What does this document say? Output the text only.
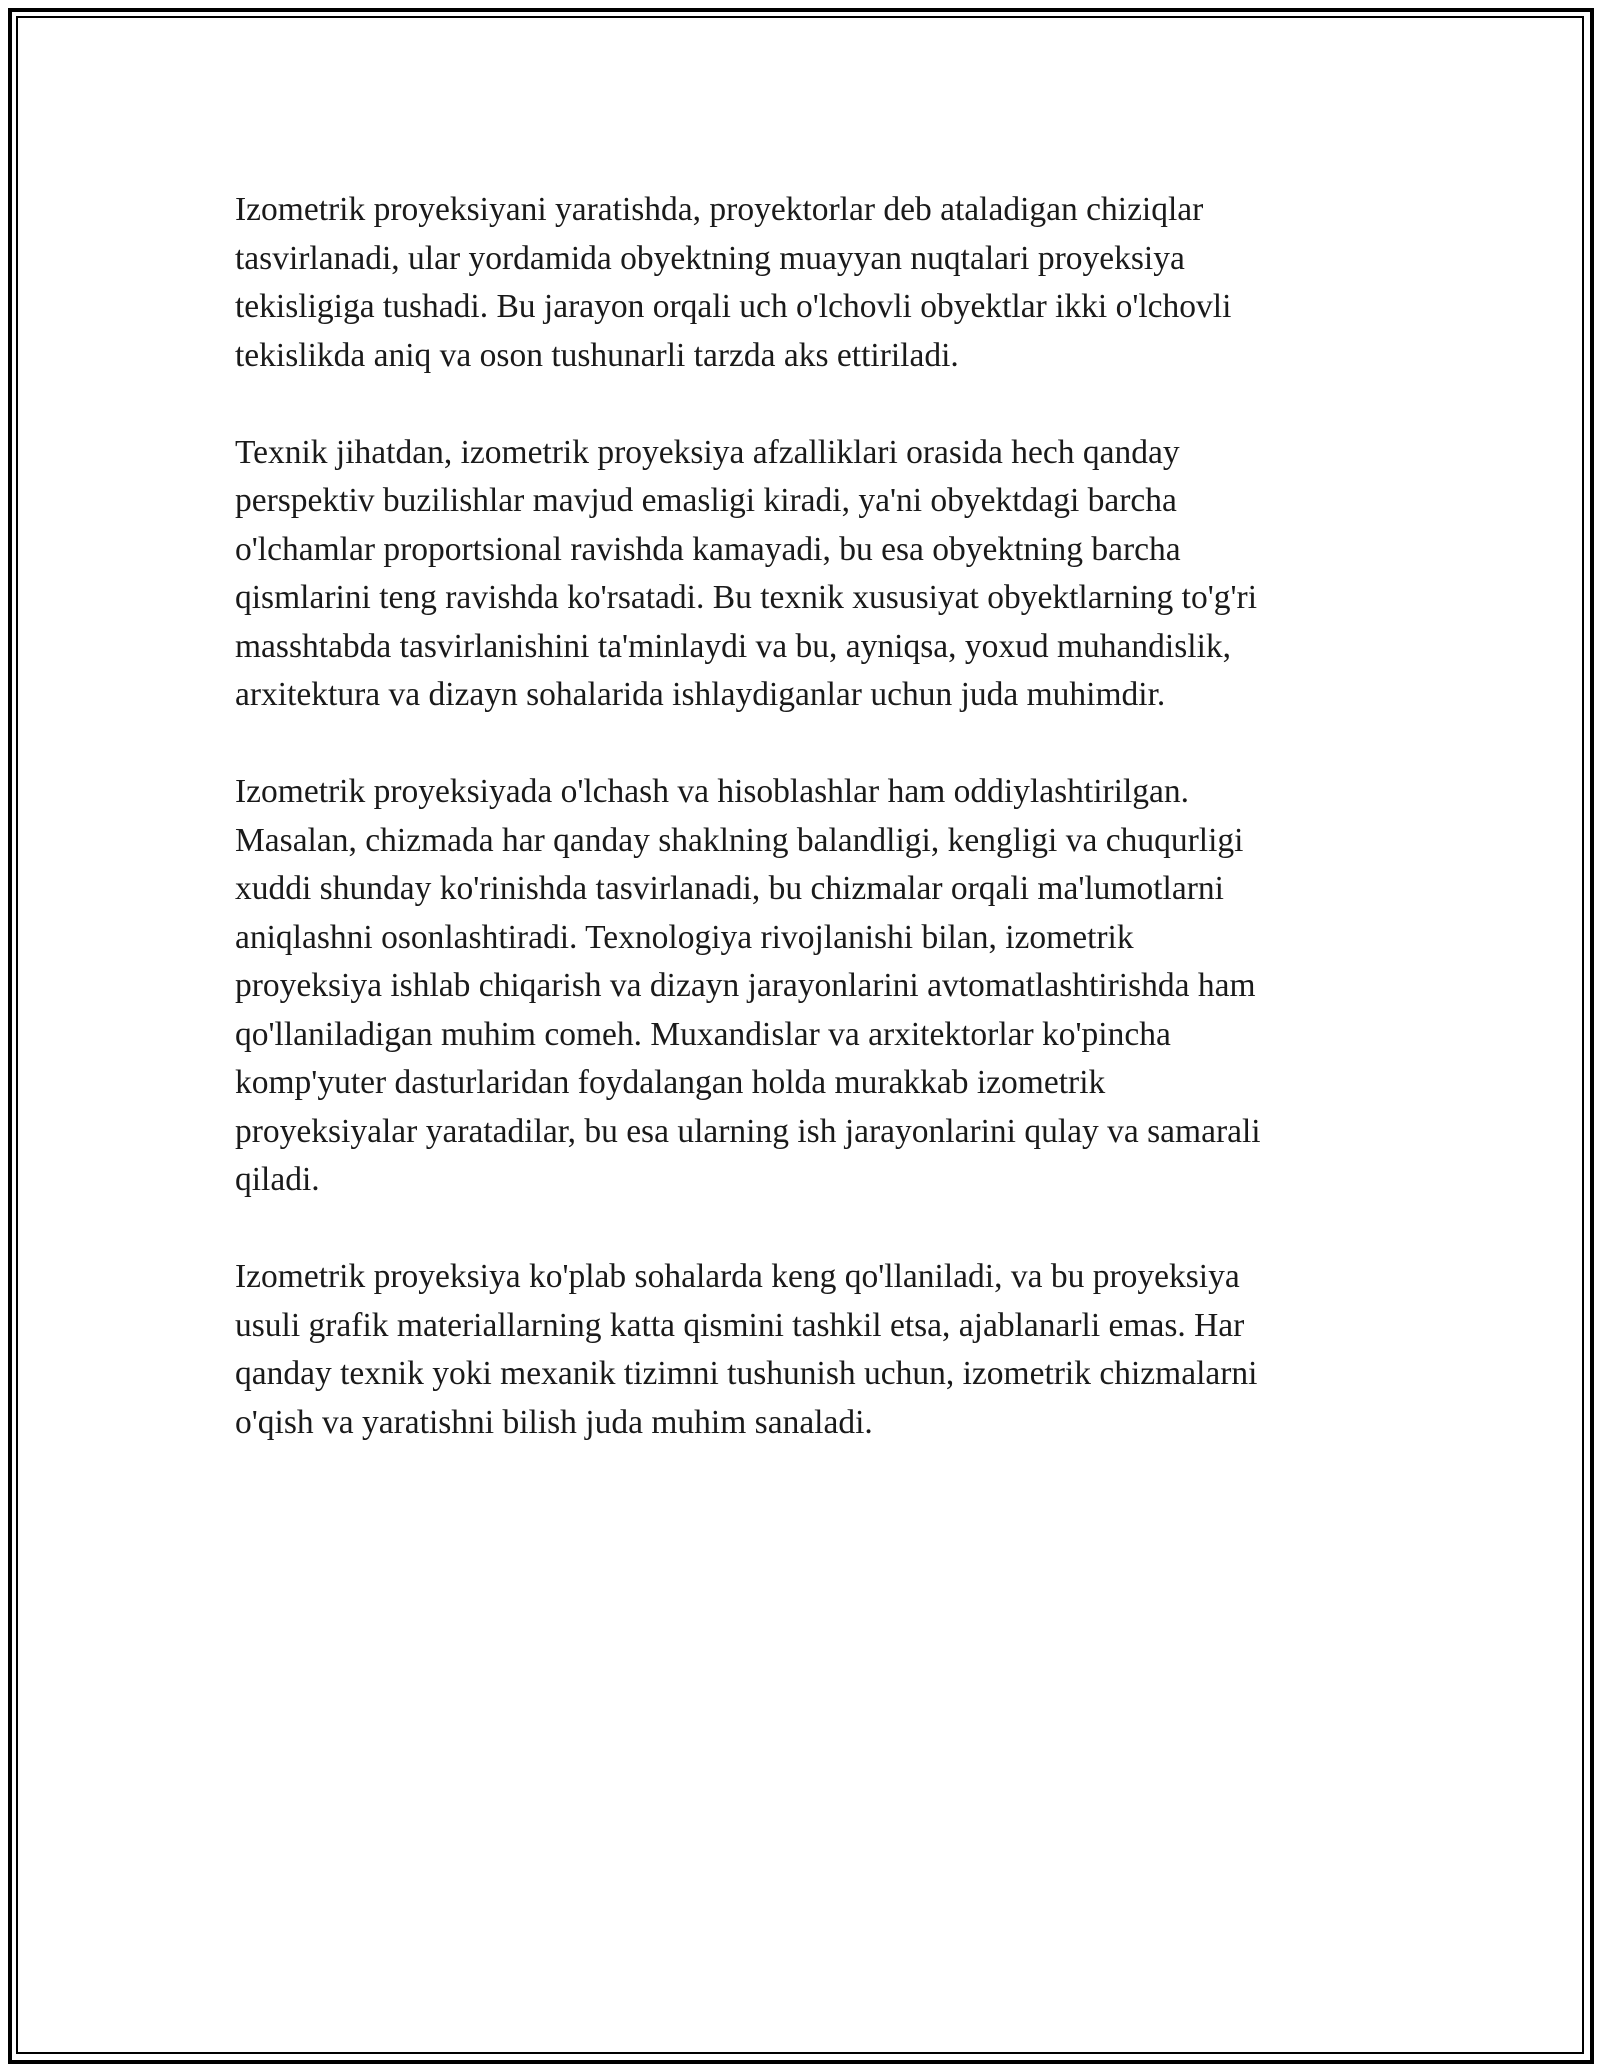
Izometrik proyeksiyani yaratishda, proyektorlar deb ataladigan chiziqlar
tasvirlanadi, ular yordamida obyektning muayyan nuqtalari proyeksiya
tekisligiga tushadi. Bu jarayon orqali uch o'lchovli obyektlar ikki o'lchovli
tekislikda aniq va oson tushunarli tarzda aks ettiriladi.

Texnik jihatdan, izometrik proyeksiya afzalliklari orasida hech qanday
perspektiv buzilishlar mavjud emasligi kiradi, ya'ni obyektdagi barcha
o'lchamlar proportsional ravishda kamayadi, bu esa obyektning barcha
qismlarini teng ravishda ko'rsatadi. Bu texnik xususiyat obyektlarning to'g'ri
masshtabda tasvirlanishini ta'minlaydi va bu, ayniqsa, yoxud muhandislik,
arxitektura va dizayn sohalarida ishlaydiganlar uchun juda muhimdir.

Izometrik proyeksiyada o'lchash va hisoblashlar ham oddiylashtirilgan.
Masalan, chizmada har qanday shaklning balandligi, kengligi va chuqurligi
xuddi shunday ko'rinishda tasvirlanadi, bu chizmalar orqali ma'lumotlarni
aniqlashni osonlashtiradi. Texnologiya rivojlanishi bilan, izometrik
proyeksiya ishlab chiqarish va dizayn jarayonlarini avtomatlashtirishda ham
qo'llaniladigan muhim comeh. Muxandislar va arxitektorlar ko'pincha
komp'yuter dasturlaridan foydalangan holda murakkab izometrik
proyeksiyalar yaratadilar, bu esa ularning ish jarayonlarini qulay va samarali
qiladi.

Izometrik proyeksiya ko'plab sohalarda keng qo'llaniladi, va bu proyeksiya
usuli grafik materiallarning katta qismini tashkil etsa, ajablanarli emas. Har
qanday texnik yoki mexanik tizimni tushunish uchun, izometrik chizmalarni
o'qish va yaratishni bilish juda muhim sanaladi.
